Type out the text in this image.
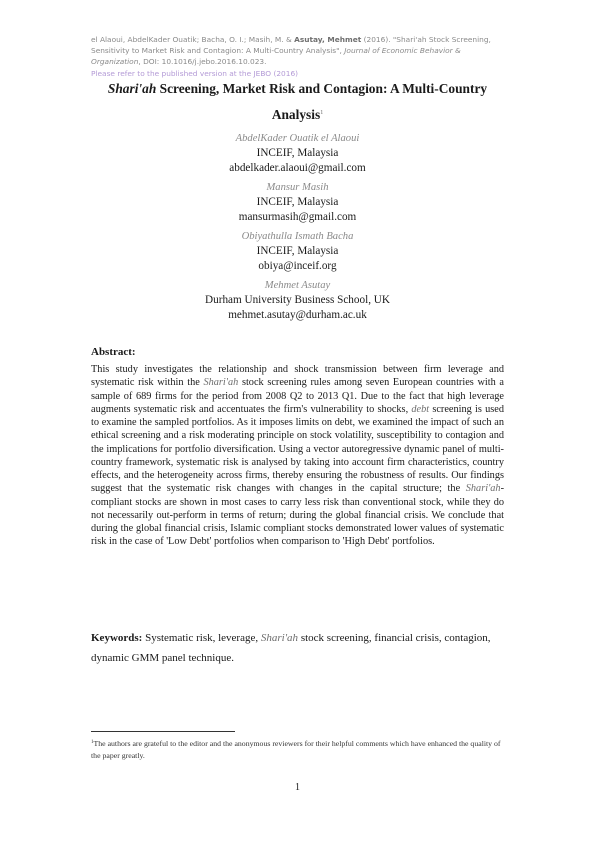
el Alaoui, AbdelKader Ouatik; Bacha, O. I.; Masih, M. & Asutay, Mehmet (2016). "Shari'ah Stock Screening, Sensitivity to Market Risk and Contagion: A Multi-Country Analysis", Journal of Economic Behavior & Organization, DOI: 10.1016/j.jebo.2016.10.023.
Please refer to the published version at the JEBO (2016)
Shari'ah Screening, Market Risk and Contagion: A Multi-Country
Analysis$^1$
AbdelKader Ouatik el Alaoui
INCEIF, Malaysia
abdelkader.alaoui@gmail.com
Mansur Masih
INCEIF, Malaysia
mansurmasih@gmail.com
Obiyathulla Ismath Bacha
INCEIF, Malaysia
obiya@inceif.org
Mehmet Asutay
Durham University Business School, UK
mehmet.asutay@durham.ac.uk
Abstract:
This study investigates the relationship and shock transmission between firm leverage and systematic risk within the Shari'ah stock screening rules among seven European countries with a sample of 689 firms for the period from 2008 Q2 to 2013 Q1. Due to the fact that high leverage augments systematic risk and accentuates the firm's vulnerability to shocks, debt screening is used to examine the sampled portfolios. As it imposes limits on debt, we examined the impact of such an ethical screening and a risk moderating principle on stock volatility, susceptibility to contagion and the implications for portfolio diversification. Using a vector autoregressive dynamic panel of multi-country framework, systematic risk is analysed by taking into account firm characteristics, country effects, and the heterogeneity across firms, thereby ensuring the robustness of results. Our findings suggest that the systematic risk changes with changes in the capital structure; the Shari'ah-compliant stocks are shown in most cases to carry less risk than conventional stock, while they do not necessarily out-perform in terms of return; during the global financial crisis. We conclude that during the global financial crisis, Islamic compliant stocks demonstrated lower values of systematic risk in the case of 'Low Debt' portfolios when comparison to 'High Debt' portfolios.
Keywords: Systematic risk, leverage, Shari'ah stock screening, financial crisis, contagion, dynamic GMM panel technique.
$^1$The authors are grateful to the editor and the anonymous reviewers for their helpful comments which have enhanced the quality of the paper greatly.
1
